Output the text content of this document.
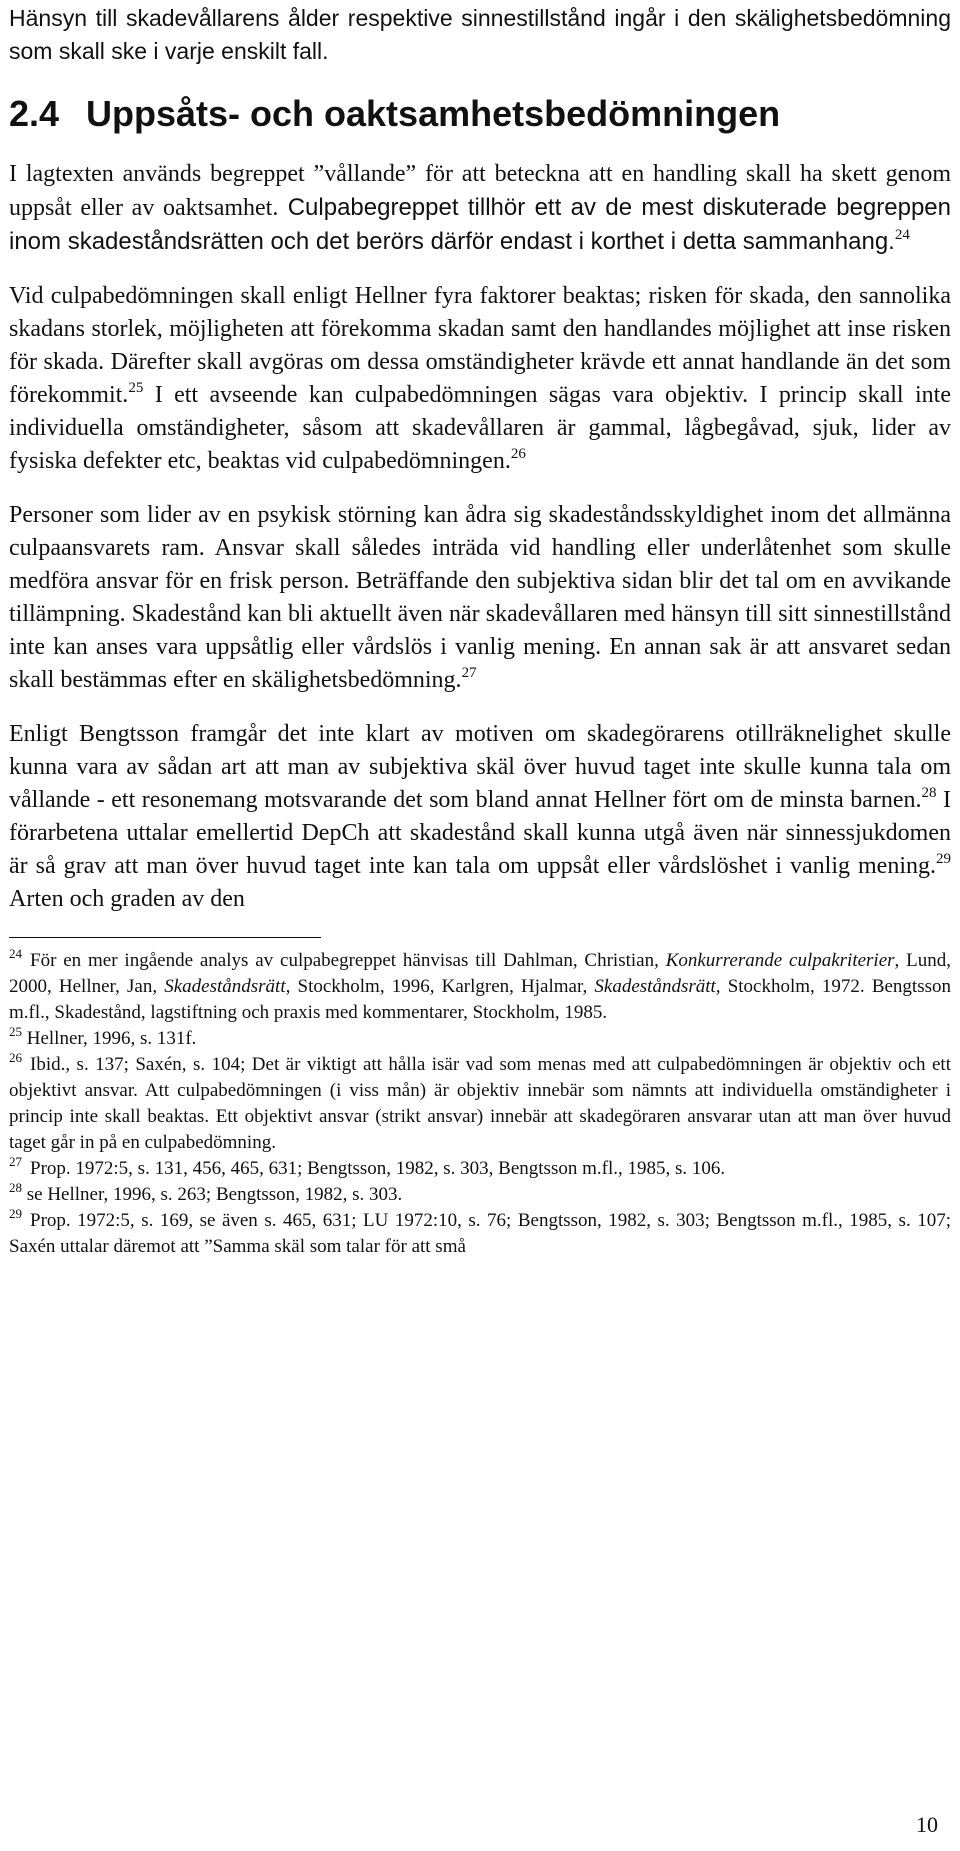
Hänsyn till skadevållarens ålder respektive sinnestillstånd ingår i den skälighetsbedömning som skall ske i varje enskilt fall.

2.4 Uppsåts- och oaktsamhetsbedömningen

I lagtexten används begreppet ”vållande” för att beteckna att en handling skall ha skett genom uppsåt eller av oaktsamhet. Culpabegreppet tillhör ett av de mest diskuterade begreppen inom skadeståndsrätten och det berörs därför endast i korthet i detta sammanhang.$^{24}$

Vid culpabedömningen skall enligt Hellner fyra faktorer beaktas; risken för skada, den sannolika skadans storlek, möjligheten att förekomma skadan samt den handlandes möjlighet att inse risken för skada. Därefter skall avgöras om dessa omständigheter krävde ett annat handlande än det som förekommit.$^{25}$ I ett avseende kan culpabedömningen sägas vara objektiv. I princip skall inte individuella omständigheter, såsom att skadevållaren är gammal, lågbegåvad, sjuk, lider av fysiska defekter etc, beaktas vid culpabedömningen.$^{26}$

Personer som lider av en psykisk störning kan ådra sig skadeståndsskyldighet inom det allmänna culpaansvarets ram. Ansvar skall således inträda vid handling eller underlåtenhet som skulle medföra ansvar för en frisk person. Beträffande den subjektiva sidan blir det tal om en avvikande tillämpning. Skadestånd kan bli aktuellt även när skadevållaren med hänsyn till sitt sinnestillstånd inte kan anses vara uppsåtlig eller vårdslös i vanlig mening. En annan sak är att ansvaret sedan skall bestämmas efter en skälighetsbedömning.$^{27}$

Enligt Bengtsson framgår det inte klart av motiven om skadegörarens otillräknelighet skulle kunna vara av sådan art att man av subjektiva skäl över huvud taget inte skulle kunna tala om vållande - ett resonemang motsvarande det som bland annat Hellner fört om de minsta barnen.$^{28}$ I förarbetena uttalar emellertid DepCh att skadestånd skall kunna utgå även när sinnessjukdomen är så grav att man över huvud taget inte kan tala om uppsåt eller vårdslöshet i vanlig mening.$^{29}$ Arten och graden av den

$^{24}$ För en mer ingående analys av culpabegreppet hänvisas till Dahlman, Christian, Konkurrerande culpakriterier, Lund, 2000, Hellner, Jan, Skadeståndsrätt, Stockholm, 1996, Karlgren, Hjalmar, Skadeståndsrätt, Stockholm, 1972. Bengtsson m.fl., Skadestånd, lagstiftning och praxis med kommentarer, Stockholm, 1985.

$^{25}$ Hellner, 1996, s. 131f.

$^{26}$ Ibid., s. 137; Saxén, s. 104; Det är viktigt att hålla isär vad som menas med att culpabedömningen är objektiv och ett objektivt ansvar. Att culpabedömningen (i viss mån) är objektiv innebär som nämnts att individuella omständigheter i princip inte skall beaktas. Ett objektivt ansvar (strikt ansvar) innebär att skadegöraren ansvarar utan att man över huvud taget går in på en culpabedömning.

$^{27}$ Prop. 1972:5, s. 131, 456, 465, 631; Bengtsson, 1982, s. 303, Bengtsson m.fl., 1985, s. 106.

$^{28}$ se Hellner, 1996, s. 263; Bengtsson, 1982, s. 303.

$^{29}$ Prop. 1972:5, s. 169, se även s. 465, 631; LU 1972:10, s. 76; Bengtsson, 1982, s. 303; Bengtsson m.fl., 1985, s. 107; Saxén uttalar däremot att ”Samma skäl som talar för att små

10
